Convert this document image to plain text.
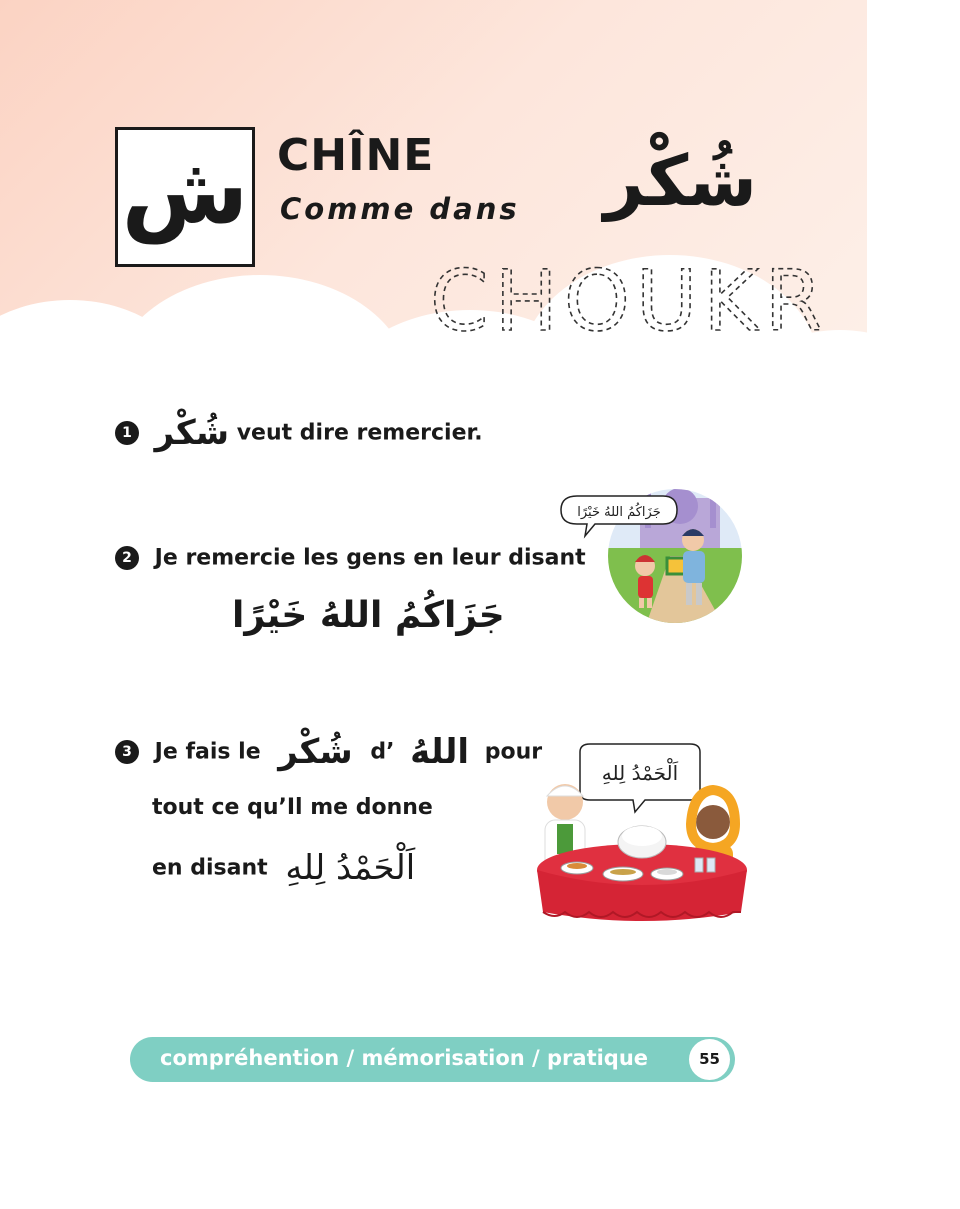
ش CHÎNE
Comme dans شُكْر
CHOUKR
1 شُكْر veut dire remercier.
2 Je remercie les gens en leur disant
جَزَاكُمُ اللهُ خَيْرًا
3 Je fais le شُكْر d’ اللهُ pour
tout ce qu’Il me donne
en disant اَلْحَمْدُ لِلهِ
جَزَاكُمُ اللهُ خَيْرًا
اَلْحَمْدُ لِلهِ
compréhention / mémorisation / pratique	55
